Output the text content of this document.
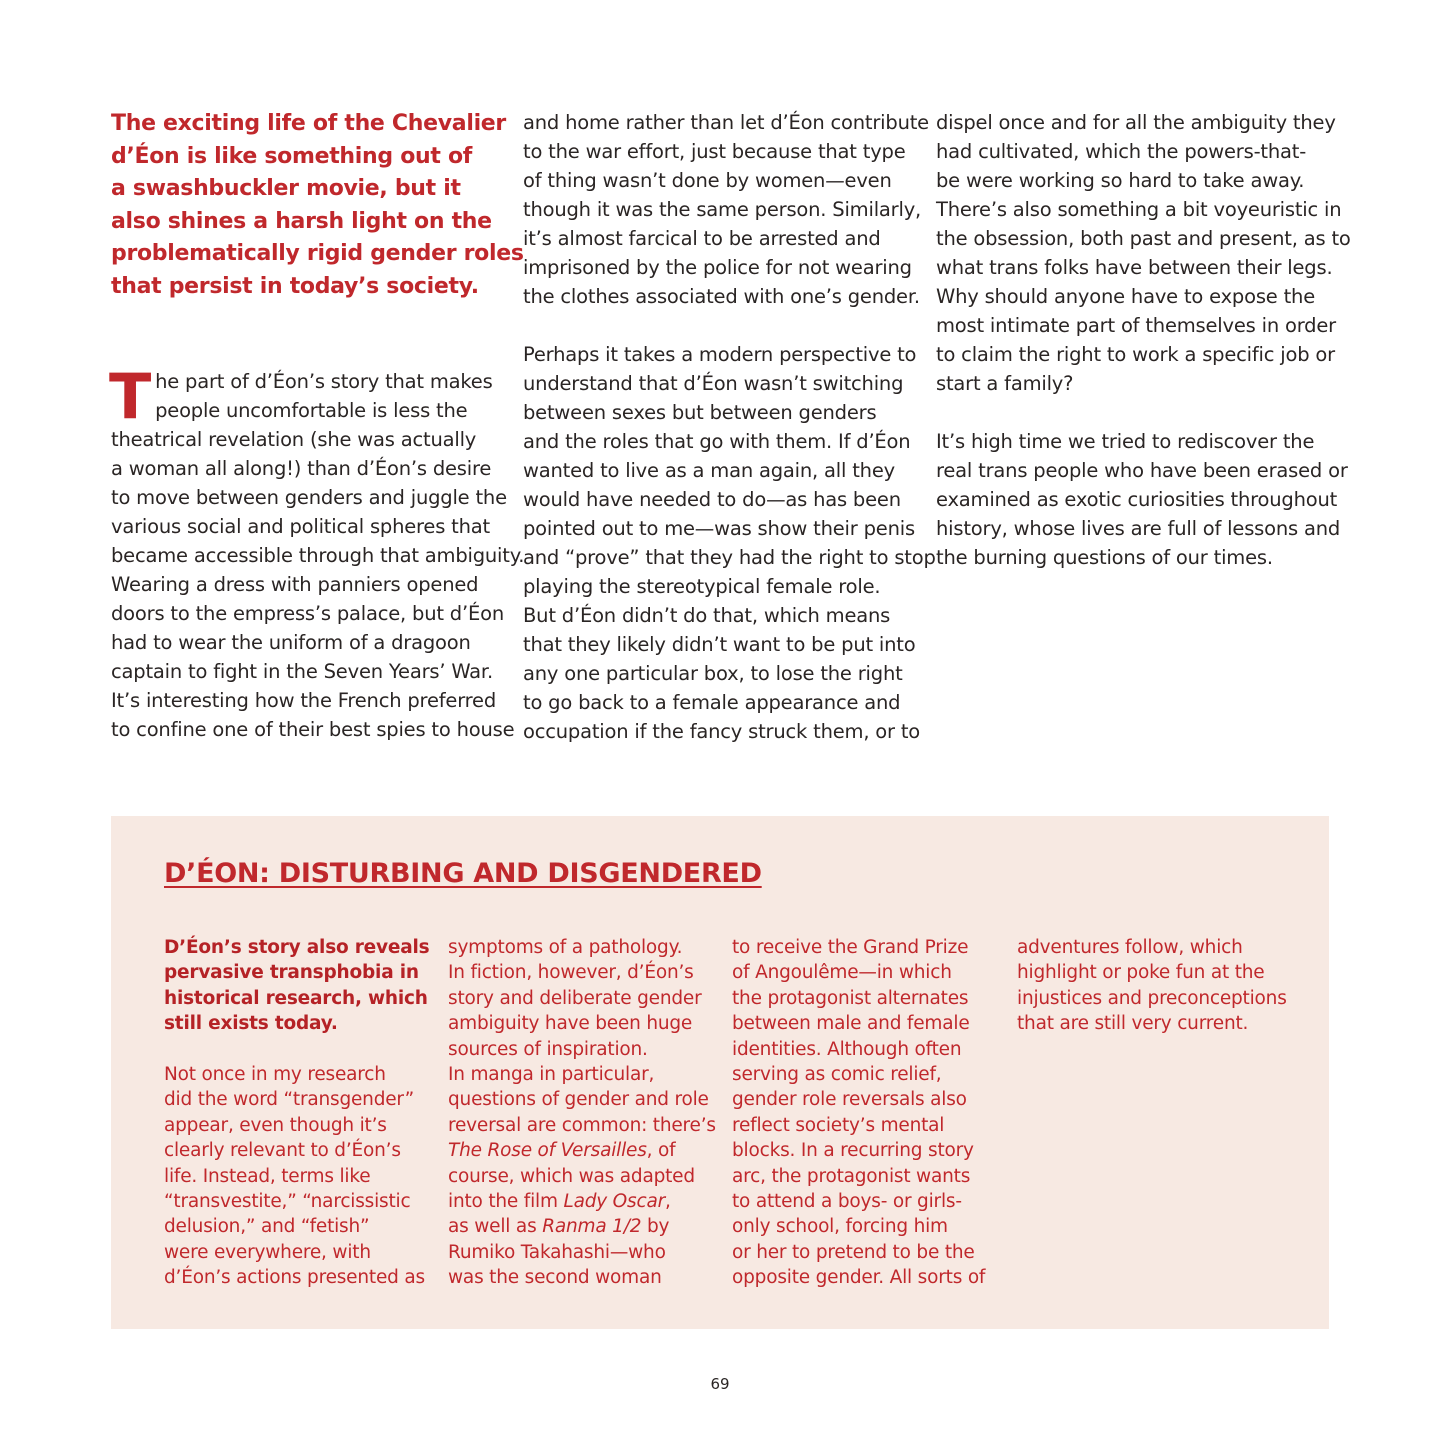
The exciting life of the Chevalier
d’Éon is like something out of
a swashbuckler movie, but it
also shines a harsh light on the
problematically rigid gender roles
that persist in today’s society.
T he part of d’Éon’s story that makes
people uncomfortable is less the
theatrical revelation (she was actually
a woman all along!) than d’Éon’s desire
to move between genders and juggle the
various social and political spheres that
became accessible through that ambiguity.
Wearing a dress with panniers opened
doors to the empress’s palace, but d’Éon
had to wear the uniform of a dragoon
captain to fight in the Seven Years’ War.
It’s interesting how the French preferred
to confine one of their best spies to house
and home rather than let d’Éon contribute
to the war effort, just because that type
of thing wasn’t done by women—even
though it was the same person. Similarly,
it’s almost farcical to be arrested and
imprisoned by the police for not wearing
the clothes associated with one’s gender.
Perhaps it takes a modern perspective to
understand that d’Éon wasn’t switching
between sexes but between genders
and the roles that go with them. If d’Éon
wanted to live as a man again, all they
would have needed to do—as has been
pointed out to me—was show their penis
and “prove” that they had the right to stop
playing the stereotypical female role.
But d’Éon didn’t do that, which means
that they likely didn’t want to be put into
any one particular box, to lose the right
to go back to a female appearance and
occupation if the fancy struck them, or to
dispel once and for all the ambiguity they
had cultivated, which the powers-that-
be were working so hard to take away.
There’s also something a bit voyeuristic in
the obsession, both past and present, as to
what trans folks have between their legs.
Why should anyone have to expose the
most intimate part of themselves in order
to claim the right to work a specific job or
start a family?
It’s high time we tried to rediscover the
real trans people who have been erased or
examined as exotic curiosities throughout
history, whose lives are full of lessons and
the burning questions of our times.
D’ÉON: DISTURBING AND DISGENDERED
D’Éon’s story also reveals
pervasive transphobia in
historical research, which
still exists today.
Not once in my research
did the word “transgender”
appear, even though it’s
clearly relevant to d’Éon’s
life. Instead, terms like
“transvestite,” “narcissistic
delusion,” and “fetish”
were everywhere, with
d’Éon’s actions presented as
symptoms of a pathology.
In fiction, however, d’Éon’s
story and deliberate gender
ambiguity have been huge
sources of inspiration.
In manga in particular,
questions of gender and role
reversal are common: there’s
The Rose of Versailles, of
course, which was adapted
into the film Lady Oscar,
as well as Ranma 1/2 by
Rumiko Takahashi—who
was the second woman
to receive the Grand Prize
of Angoulême—in which
the protagonist alternates
between male and female
identities. Although often
serving as comic relief,
gender role reversals also
reflect society’s mental
blocks. In a recurring story
arc, the protagonist wants
to attend a boys- or girls-
only school, forcing him
or her to pretend to be the
opposite gender. All sorts of
adventures follow, which
highlight or poke fun at the
injustices and preconceptions
that are still very current.
69
